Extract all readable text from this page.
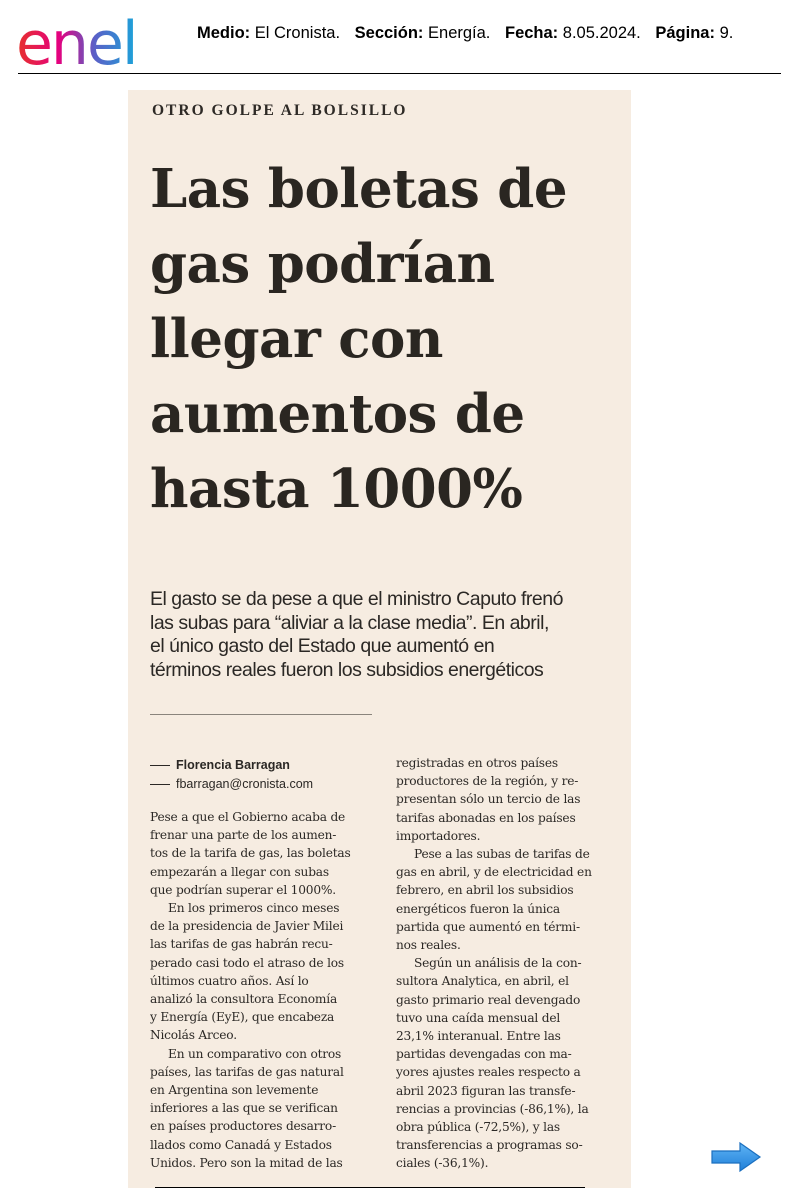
enel	Medio: El Cronista. Sección: Energía. Fecha: 8.05.2024. Página: 9.
OTRO GOLPE AL BOLSILLO
Las boletas de
gas podrían
llegar con
aumentos de
hasta 1000%
El gasto se da pese a que el ministro Caputo frenó
las subas para “aliviar a la clase media”. En abril,
el único gasto del Estado que aumentó en
términos reales fueron los subsidios energéticos
Florencia Barragan
fbarragan@cronista.com
Pese a que el Gobierno acaba de
frenar una parte de los aumen-
tos de la tarifa de gas, las boletas
empezarán a llegar con subas
que podrían superar el 1000%.
En los primeros cinco meses
de la presidencia de Javier Milei
las tarifas de gas habrán recu-
perado casi todo el atraso de los
últimos cuatro años. Así lo
analizó la consultora Economía
y Energía (EyE), que encabeza
Nicolás Arceo.
En un comparativo con otros
países, las tarifas de gas natural
en Argentina son levemente
inferiores a las que se verifican
en países productores desarro-
llados como Canadá y Estados
Unidos. Pero son la mitad de las
registradas en otros países
productores de la región, y re-
presentan sólo un tercio de las
tarifas abonadas en los países
importadores.
Pese a las subas de tarifas de
gas en abril, y de electricidad en
febrero, en abril los subsidios
energéticos fueron la única
partida que aumentó en térmi-
nos reales.
Según un análisis de la con-
sultora Analytica, en abril, el
gasto primario real devengado
tuvo una caída mensual del
23,1% interanual. Entre las
partidas devengadas con ma-
yores ajustes reales respecto a
abril 2023 figuran las transfe-
rencias a provincias (-86,1%), la
obra pública (-72,5%), y las
transferencias a programas so-
ciales (-36,1%).
